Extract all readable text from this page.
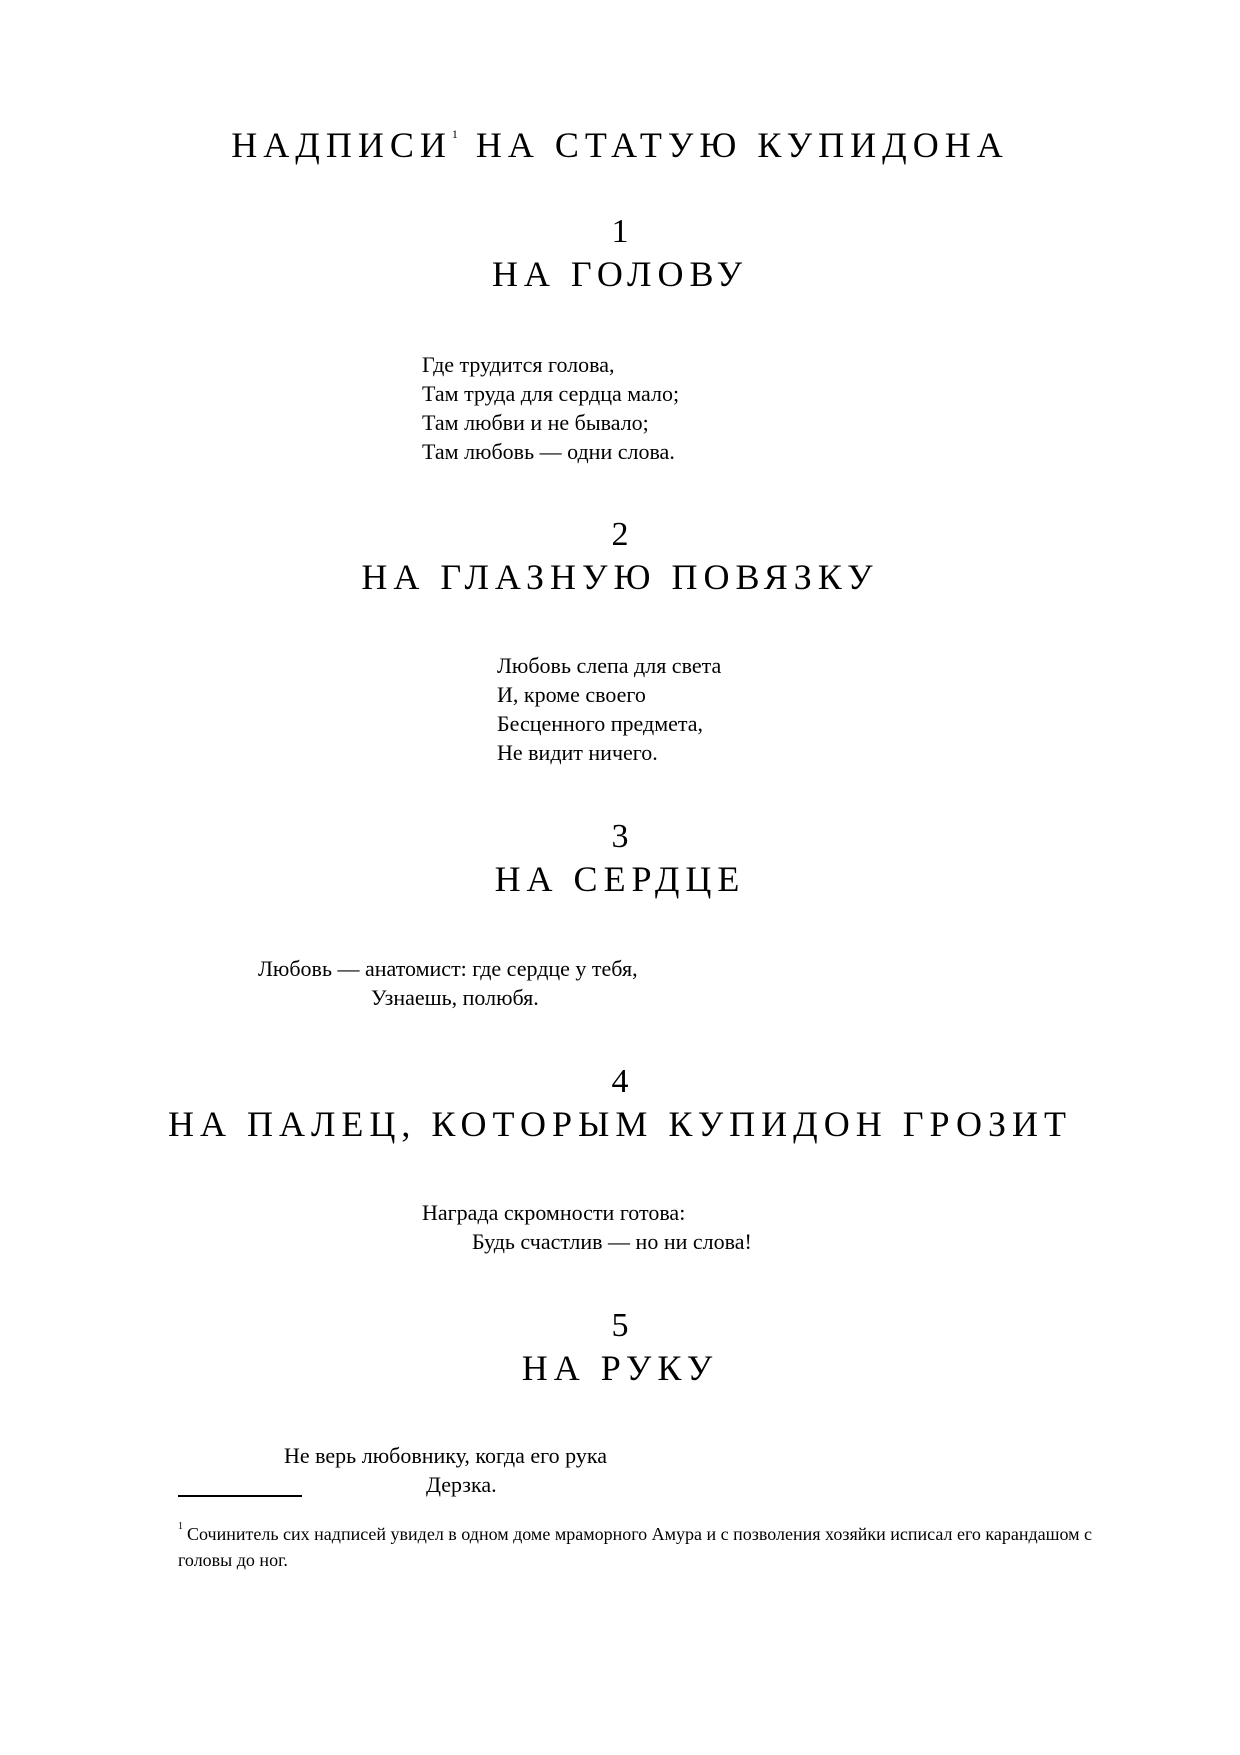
НАДПИСИ$^1$ НА СТАТУЮ КУПИДОНА
1
НА ГОЛОВУ
Где трудится голова,
Там труда для сердца мало;
Там любви и не бывало;
Там любовь — одни слова.
2
НА ГЛАЗНУЮ ПОВЯЗКУ
Любовь слепа для света
И, кроме своего
Бесценного предмета,
Не видит ничего.
3
НА СЕРДЦЕ
Любовь — анатомист: где сердце у тебя,
Узнаешь, полюбя.
4
НА ПАЛЕЦ, КОТОРЫМ КУПИДОН ГРОЗИТ
Награда скромности готова:
Будь счастлив — но ни слова!
5
НА РУКУ
Не верь любовнику, когда его рука
Дерзка.
$^1$ Сочинитель сих надписей увидел в одном доме мраморного Амура и с позволения хозяйки исписал его карандашом с головы до ног.
